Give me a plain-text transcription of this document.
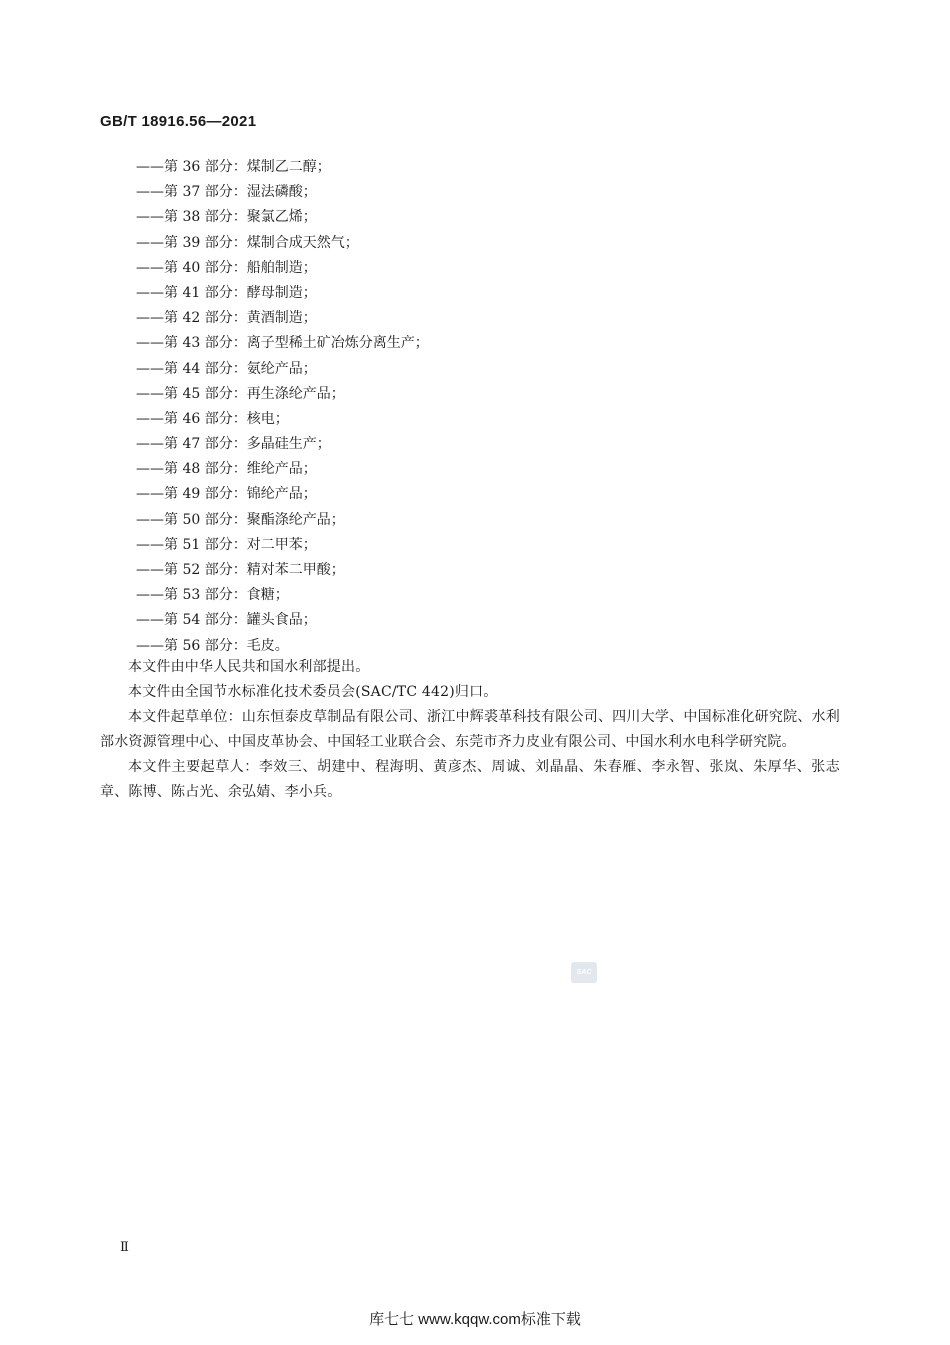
GB/T 18916.56—2021
——第 36 部分：煤制乙二醇；
——第 37 部分：湿法磷酸；
——第 38 部分：聚氯乙烯；
——第 39 部分：煤制合成天然气；
——第 40 部分：船舶制造；
——第 41 部分：酵母制造；
——第 42 部分：黄酒制造；
——第 43 部分：离子型稀土矿冶炼分离生产；
——第 44 部分：氨纶产品；
——第 45 部分：再生涤纶产品；
——第 46 部分：核电；
——第 47 部分：多晶硅生产；
——第 48 部分：维纶产品；
——第 49 部分：锦纶产品；
——第 50 部分：聚酯涤纶产品；
——第 51 部分：对二甲苯；
——第 52 部分：精对苯二甲酸；
——第 53 部分：食糖；
——第 54 部分：罐头食品；
——第 56 部分：毛皮。

本文件由中华人民共和国水利部提出。

本文件由全国节水标准化技术委员会(SAC/TC 442)归口。

本文件起草单位：山东恒泰皮草制品有限公司、浙江中辉裘革科技有限公司、四川大学、中国标准化研究院、水利部水资源管理中心、中国皮革协会、中国轻工业联合会、东莞市齐力皮业有限公司、中国水利水电科学研究院。

本文件主要起草人：李效三、胡建中、程海明、黄彦杰、周诚、刘晶晶、朱春雁、李永智、张岚、朱厚华、张志章、陈博、陈占光、余弘婧、李小兵。

SAC
Ⅱ
库七七 www.kqqw.com标准下载
